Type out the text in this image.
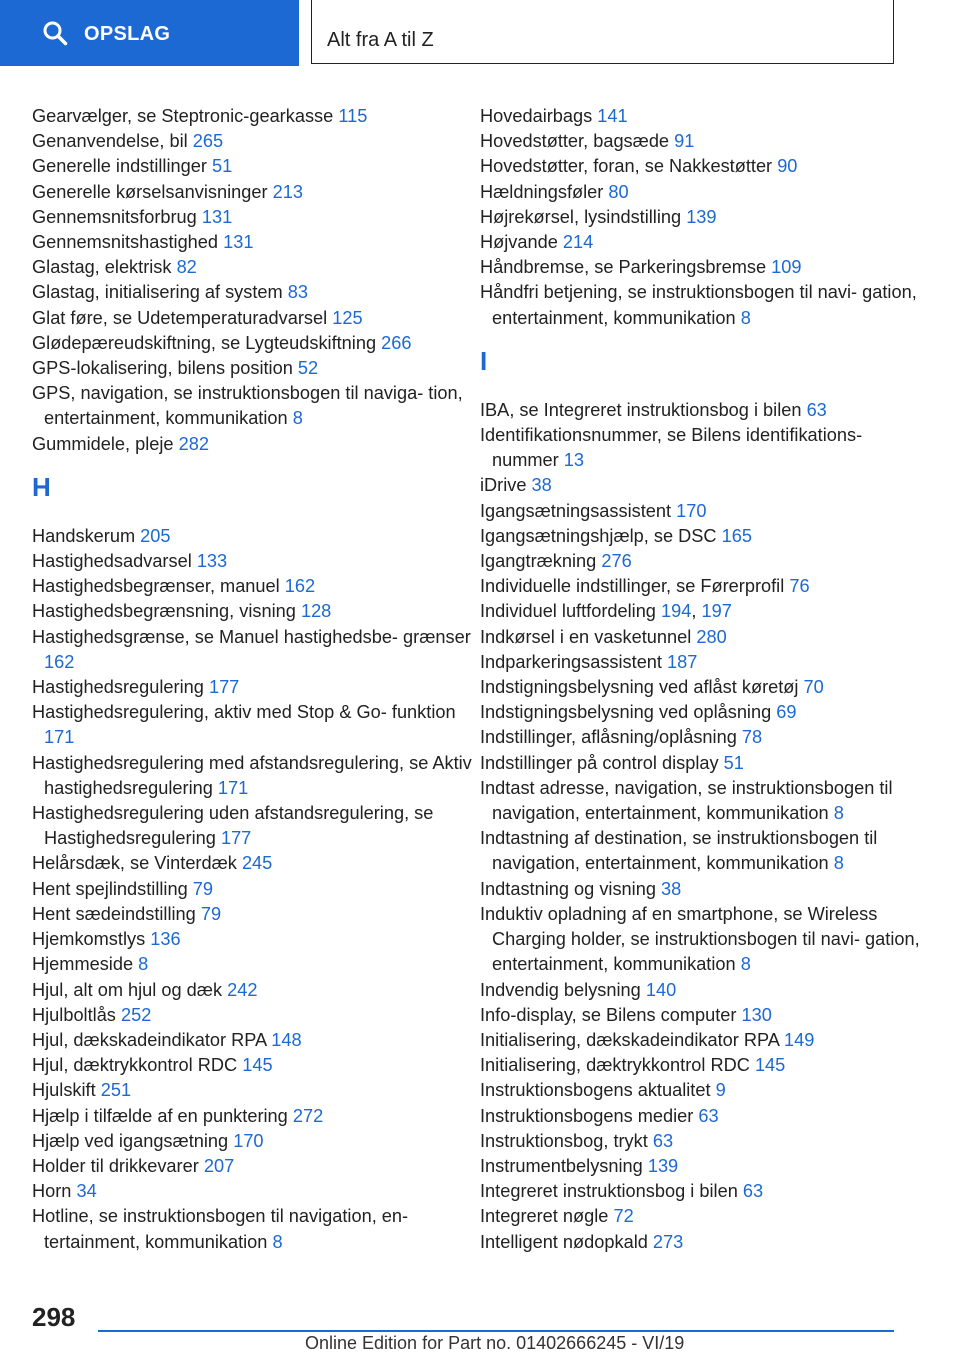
OPSLAG	Alt fra A til Z
Gearvælger, se Steptronic-gearkasse 115
Genanvendelse, bil 265
Generelle indstillinger 51
Generelle kørselsanvisninger 213
Gennemsnitsforbrug 131
Gennemsnitshastighed 131
Glastag, elektrisk 82
Glastag, initialisering af system 83
Glat føre, se Udetemperaturadvarsel 125
Glødepæreudskiftning, se Lygteudskiftning 266
GPS-lokalisering, bilens position 52
GPS, navigation, se instruktionsbogen til naviga- tion, entertainment, kommunikation 8
Gummidele, pleje 282
H
Handskerum 205
Hastighedsadvarsel 133
Hastighedsbegrænser, manuel 162
Hastighedsbegrænsning, visning 128
Hastighedsgrænse, se Manuel hastighedsbe- grænser 162
Hastighedsregulering 177
Hastighedsregulering, aktiv med Stop & Go- funktion 171
Hastighedsregulering med afstandsregulering, se Aktiv hastighedsregulering 171
Hastighedsregulering uden afstandsregulering, se Hastighedsregulering 177
Helårsdæk, se Vinterdæk 245
Hent spejlindstilling 79
Hent sædeindstilling 79
Hjemkomstlys 136
Hjemmeside 8
Hjul, alt om hjul og dæk 242
Hjulboltlås 252
Hjul, dækskadeindikator RPA 148
Hjul, dæktrykkontrol RDC 145
Hjulskift 251
Hjælp i tilfælde af en punktering 272
Hjælp ved igangsætning 170
Holder til drikkevarer 207
Horn 34
Hotline, se instruktionsbogen til navigation, en- tertainment, kommunikation 8
Hovedairbags 141
Hovedstøtter, bagsæde 91
Hovedstøtter, foran, se Nakkestøtter 90
Hældningsføler 80
Højrekørsel, lysindstilling 139
Højvande 214
Håndbremse, se Parkeringsbremse 109
Håndfri betjening, se instruktionsbogen til navi- gation, entertainment, kommunikation 8
I
IBA, se Integreret instruktionsbog i bilen 63
Identifikationsnummer, se Bilens identifikations- nummer 13
iDrive 38
Igangsætningsassistent 170
Igangsætningshjælp, se DSC 165
Igangtrækning 276
Individuelle indstillinger, se Førerprofil 76
Individuel luftfordeling 194, 197
Indkørsel i en vasketunnel 280
Indparkeringsassistent 187
Indstigningsbelysning ved aflåst køretøj 70
Indstigningsbelysning ved oplåsning 69
Indstillinger, aflåsning/oplåsning 78
Indstillinger på control display 51
Indtast adresse, navigation, se instruktionsbogen til navigation, entertainment, kommunikation 8
Indtastning af destination, se instruktionsbogen til navigation, entertainment, kommunikation 8
Indtastning og visning 38
Induktiv opladning af en smartphone, se Wireless Charging holder, se instruktionsbogen til navi- gation, entertainment, kommunikation 8
Indvendig belysning 140
Info-display, se Bilens computer 130
Initialisering, dækskadeindikator RPA 149
Initialisering, dæktrykkontrol RDC 145
Instruktionsbogens aktualitet 9
Instruktionsbogens medier 63
Instruktionsbog, trykt 63
Instrumentbelysning 139
Integreret instruktionsbog i bilen 63
Integreret nøgle 72
Intelligent nødopkald 273
298
Online Edition for Part no. 01402666245 - VI/19
